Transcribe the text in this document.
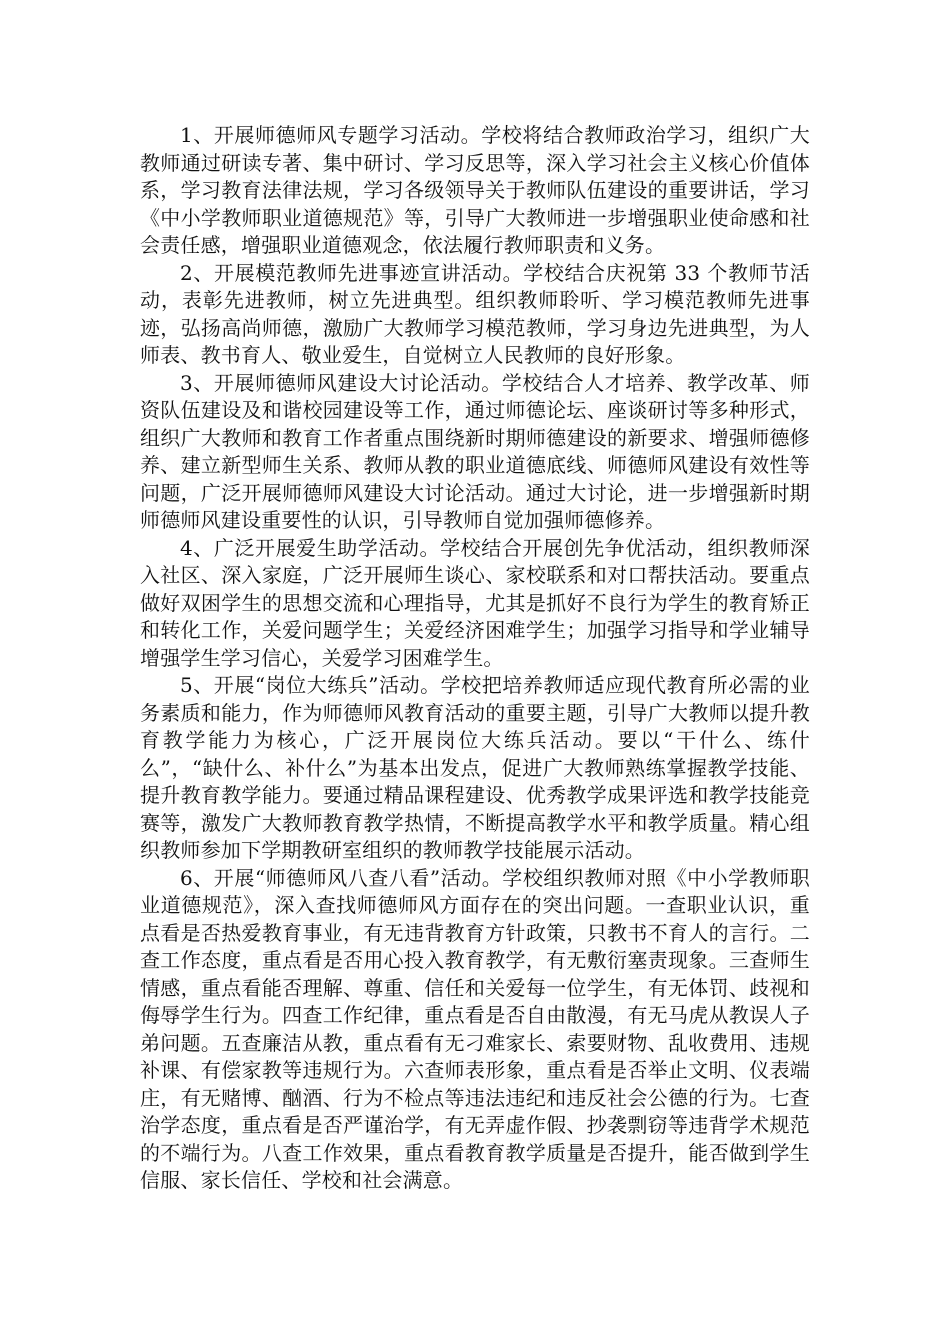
1、开展师德师风专题学习活动。学校将结合教师政治学习，组织广大教师通过研读专著、集中研讨、学习反思等，深入学习社会主义核心价值体系，学习教育法律法规，学习各级领导关于教师队伍建设的重要讲话，学习《中小学教师职业道德规范》等，引导广大教师进一步增强职业使命感和社会责任感，增强职业道德观念，依法履行教师职责和义务。

2、开展模范教师先进事迹宣讲活动。学校结合庆祝第 33 个教师节活动，表彰先进教师，树立先进典型。组织教师聆听、学习模范教师先进事迹，弘扬高尚师德，激励广大教师学习模范教师，学习身边先进典型，为人师表、教书育人、敬业爱生，自觉树立人民教师的良好形象。

3、开展师德师风建设大讨论活动。学校结合人才培养、教学改革、师资队伍建设及和谐校园建设等工作，通过师德论坛、座谈研讨等多种形式，组织广大教师和教育工作者重点围绕新时期师德建设的新要求、增强师德修养、建立新型师生关系、教师从教的职业道德底线、师德师风建设有效性等问题，广泛开展师德师风建设大讨论活动。通过大讨论，进一步增强新时期师德师风建设重要性的认识，引导教师自觉加强师德修养。

4、广泛开展爱生助学活动。学校结合开展创先争优活动，组织教师深入社区、深入家庭，广泛开展师生谈心、家校联系和对口帮扶活动。要重点做好双困学生的思想交流和心理指导，尤其是抓好不良行为学生的教育矫正和转化工作，关爱问题学生；关爱经济困难学生；加强学习指导和学业辅导增强学生学习信心，关爱学习困难学生。

5、开展“岗位大练兵”活动。学校把培养教师适应现代教育所必需的业务素质和能力，作为师德师风教育活动的重要主题，引导广大教师以提升教育教学能力为核心，广泛开展岗位大练兵活动。要以“干什么、练什么”，“缺什么、补什么”为基本出发点，促进广大教师熟练掌握教学技能、提升教育教学能力。要通过精品课程建设、优秀教学成果评选和教学技能竞赛等，激发广大教师教育教学热情，不断提高教学水平和教学质量。精心组织教师参加下学期教研室组织的教师教学技能展示活动。

6、开展“师德师风八查八看”活动。学校组织教师对照《中小学教师职业道德规范》，深入查找师德师风方面存在的突出问题。一查职业认识，重点看是否热爱教育事业，有无违背教育方针政策，只教书不育人的言行。二查工作态度，重点看是否用心投入教育教学，有无敷衍塞责现象。三查师生情感，重点看能否理解、尊重、信任和关爱每一位学生，有无体罚、歧视和侮辱学生行为。四查工作纪律，重点看是否自由散漫，有无马虎从教误人子弟问题。五查廉洁从教，重点看有无刁难家长、索要财物、乱收费用、违规补课、有偿家教等违规行为。六查师表形象，重点看是否举止文明、仪表端庄，有无赌博、酗酒、行为不检点等违法违纪和违反社会公德的行为。七查治学态度，重点看是否严谨治学，有无弄虚作假、抄袭剽窃等违背学术规范的不端行为。八查工作效果，重点看教育教学质量是否提升，能否做到学生信服、家长信任、学校和社会满意。
